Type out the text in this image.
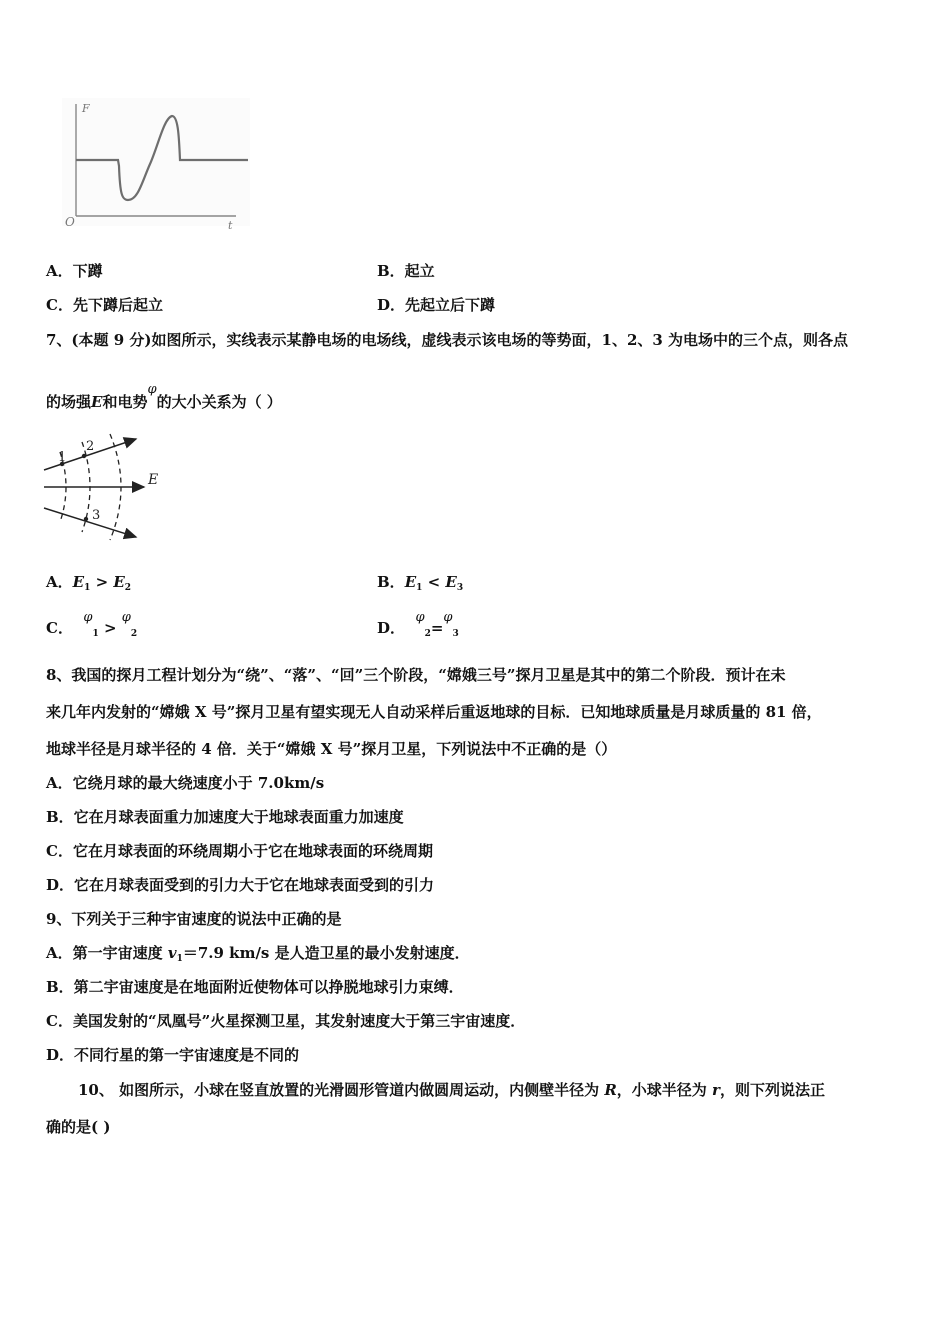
F
O	t
A．下蹲	B．起立
C．先下蹲后起立	D．先起立后下蹲
7、(本题 9 分)如图所示，实线表示某静电场的电场线，虚线表示该电场的等势面，1、2、3 为电场中的三个点，则各点
的场强E和电势φ的大小关系为（ ）
1
2
3
E
A．$E_1 > E_2$	B．$E_1 < E_3$
C．  $\varphi_1 > \varphi_2$	D．  $\varphi_2=\varphi_3$
8、我国的探月工程计划分为“绕”、“落”、“回”三个阶段，“嫦娥三号”探月卫星是其中的第二个阶段．预计在未
来几年内发射的“嫦娥 X 号”探月卫星有望实现无人自动采样后重返地球的目标．已知地球质量是月球质量的 81 倍，
地球半径是月球半径的 4 倍．关于“嫦娥 X 号”探月卫星，下列说法中不正确的是（）
A．它绕月球的最大绕速度小于 7.0km/s
B．它在月球表面重力加速度大于地球表面重力加速度
C．它在月球表面的环绕周期小于它在地球表面的环绕周期
D．它在月球表面受到的引力大于它在地球表面受到的引力
9、下列关于三种宇宙速度的说法中正确的是
A．第一宇宙速度 $v_1=7.9$ km/s 是人造卫星的最小发射速度．
B．第二宇宙速度是在地面附近使物体可以挣脱地球引力束缚．
C．美国发射的“凤凰号”火星探测卫星，其发射速度大于第三宇宙速度．
D．不同行星的第一宇宙速度是不同的
10、 如图所示，小球在竖直放置的光滑圆形管道内做圆周运动，内侧壁半径为 R，小球半径为 r，则下列说法正
确的是( )
